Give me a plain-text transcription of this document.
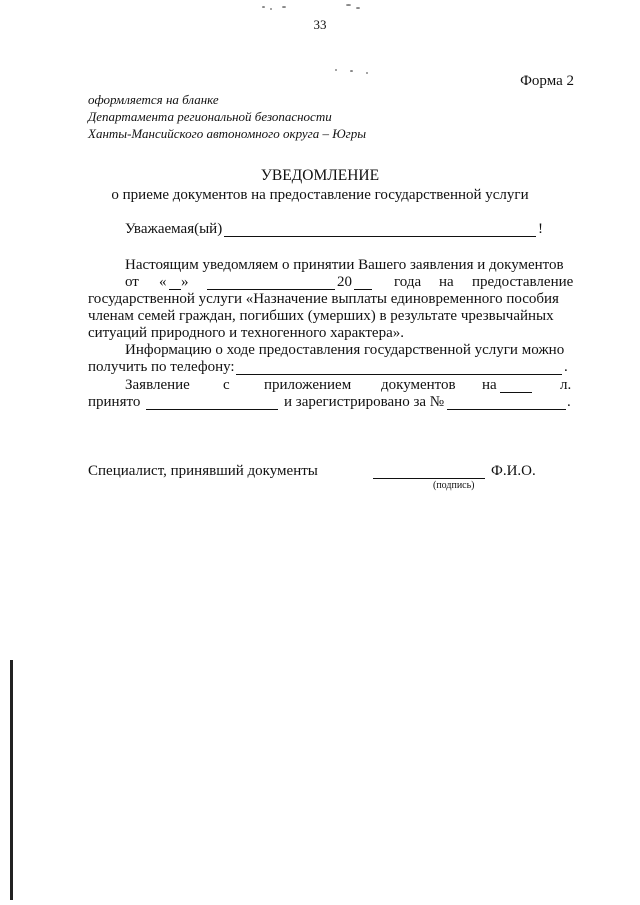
33
Форма 2
оформляется на бланке
Департамента региональной безопасности
Ханты-Мансийского автономного округа – Югры
УВЕДОМЛЕНИЕ
о приеме документов на предоставление государственной услуги
Уважаемая(ый)	!
Настоящим уведомляем о принятии Вашего заявления и документов
от « »	20	года на предоставление
государственной услуги «Назначение выплаты единовременного пособия
членам семей граждан, погибших (умерших) в результате чрезвычайных
ситуаций природного и техногенного характера».
Информацию о ходе предоставления государственной услуги можно
получить по телефону:	.
Заявление с приложением документов на	л.
принято	и зарегистрировано за №	.
Специалист, принявший документы	Ф.И.О.
(подпись)
